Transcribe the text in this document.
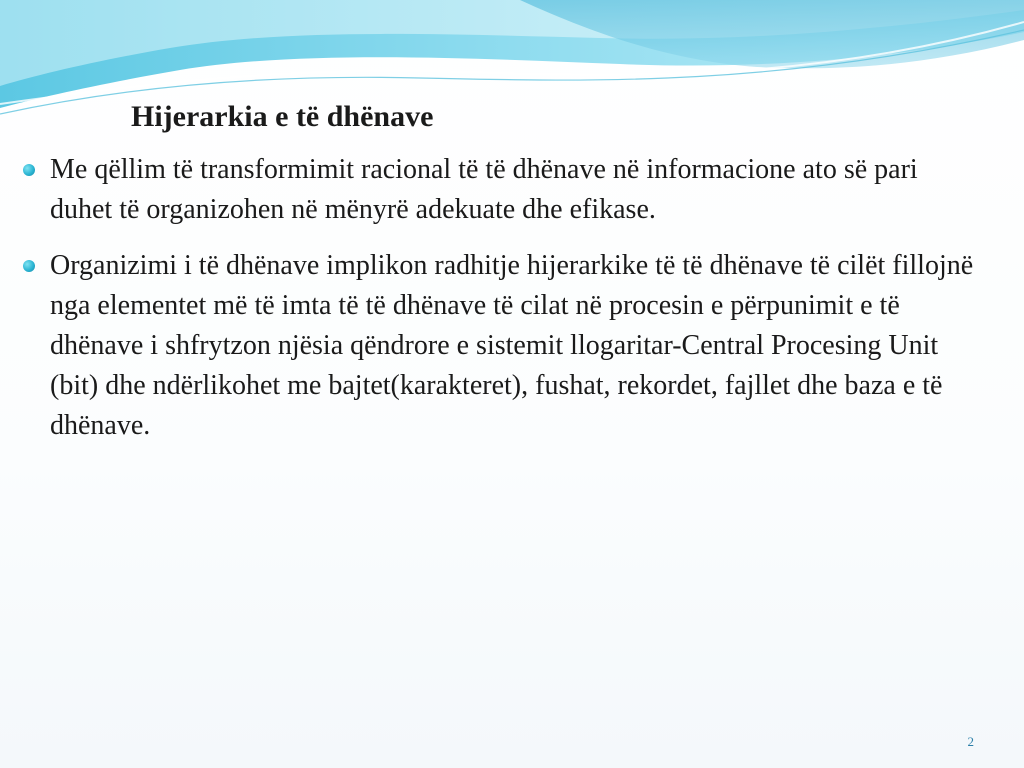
Hijerarkia e të dhënave
Me qëllim të transformimit racional të të dhënave në informacione ato së pari duhet të organizohen në mënyrë adekuate dhe efikase.
Organizimi i të dhënave implikon radhitje hijerarkike të të dhënave të cilët fillojnë nga elementet më të imta të të dhënave të cilat në procesin e përpunimit e të dhënave i shfrytzon njësia qëndrore e sistemit llogaritar-Central Procesing Unit (bit) dhe ndërlikohet me bajtet(karakteret), fushat, rekordet, fajllet dhe baza e të dhënave.
2
